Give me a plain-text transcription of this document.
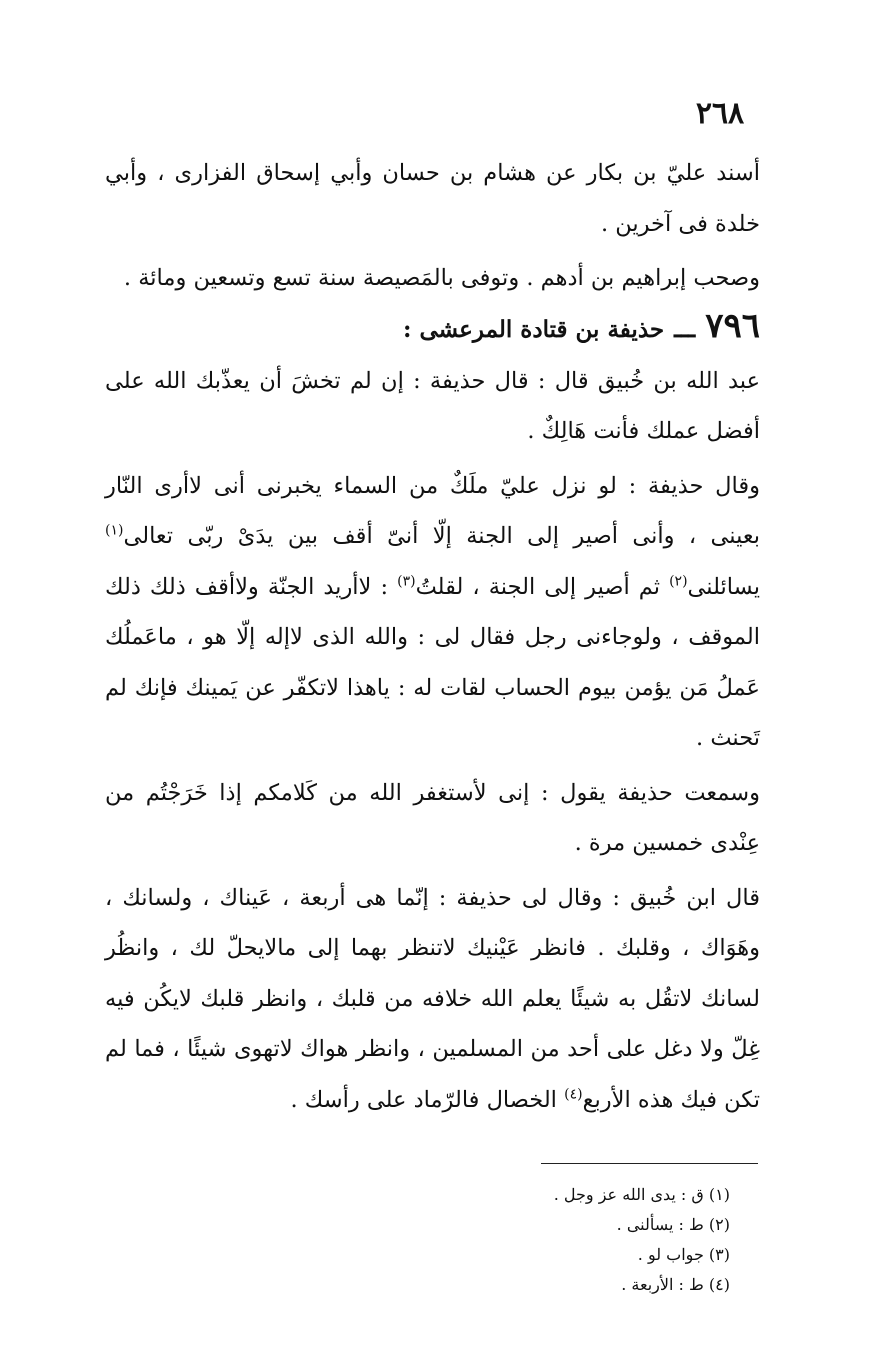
٢٦٨

أسند عليّ بن بكار عن هشام بن حسان وأبي إسحاق الفزارى ، وأبي خلدة فى آخرين .

وصحب إبراهيم بن أدهم . وتوفى بالمَصيصة سنة تسع وتسعين ومائة .

٧٩٦
ـــ
حذيفة بن قتادة المرعشى :

عبد الله بن خُبيق قال : قال حذيفة : إن لم تخشَ أن يعذّبك الله على أفضل عملك فأنت هَالِكٌ .

وقال حذيفة : لو نزل عليّ ملَكٌ من السماء يخبرنى أنى لاأرى النّار بعينى ، وأنى أصير إلى الجنة إلّا أنىّ أقف بين يدَىْ ربّى تعالى$^{(١)}$ يسائلنى$^{(٢)}$ ثم أصير إلى الجنة ، لقلتُ$^{(٣)}$ : لاأريد الجنّة ولاأقف ذلك ذلك الموقف ، ولوجاءنى رجل فقال لى : والله الذى لاإله إلّا هو ، ماعَملُك عَملُ مَن يؤمن بيوم الحساب لقات له : ياهذا لاتكفّر عن يَمينك فإنك لم تَحنث .

وسمعت حذيفة يقول : إنى لأستغفر الله من كَلامكم إذا خَرَجْتُم من عِنْدى خمسين مرة .

قال ابن خُبيق : وقال لى حذيفة : إنّما هى أربعة ، عَيناك ، ولسانك ، وهَوَاك ، وقلبك . فانظر عَيْنيك لاتنظر بهما إلى مالايحلّ لك ، وانظُر لسانك لاتقُل به شيئًا يعلم الله خلافه من قلبك ، وانظر قلبك لايكُن فيه غِلّ ولا دغل على أحد من المسلمين ، وانظر هواك لاتهوى شيئًا ، فما لم تكن فيك هذه الأربع$^{(٤)}$ الخصال فالرّماد على رأسك .

(١) ق : يدى الله عز وجل .
(٢) ط : يسألنى .
(٣) جواب لو .
(٤) ط : الأربعة .
